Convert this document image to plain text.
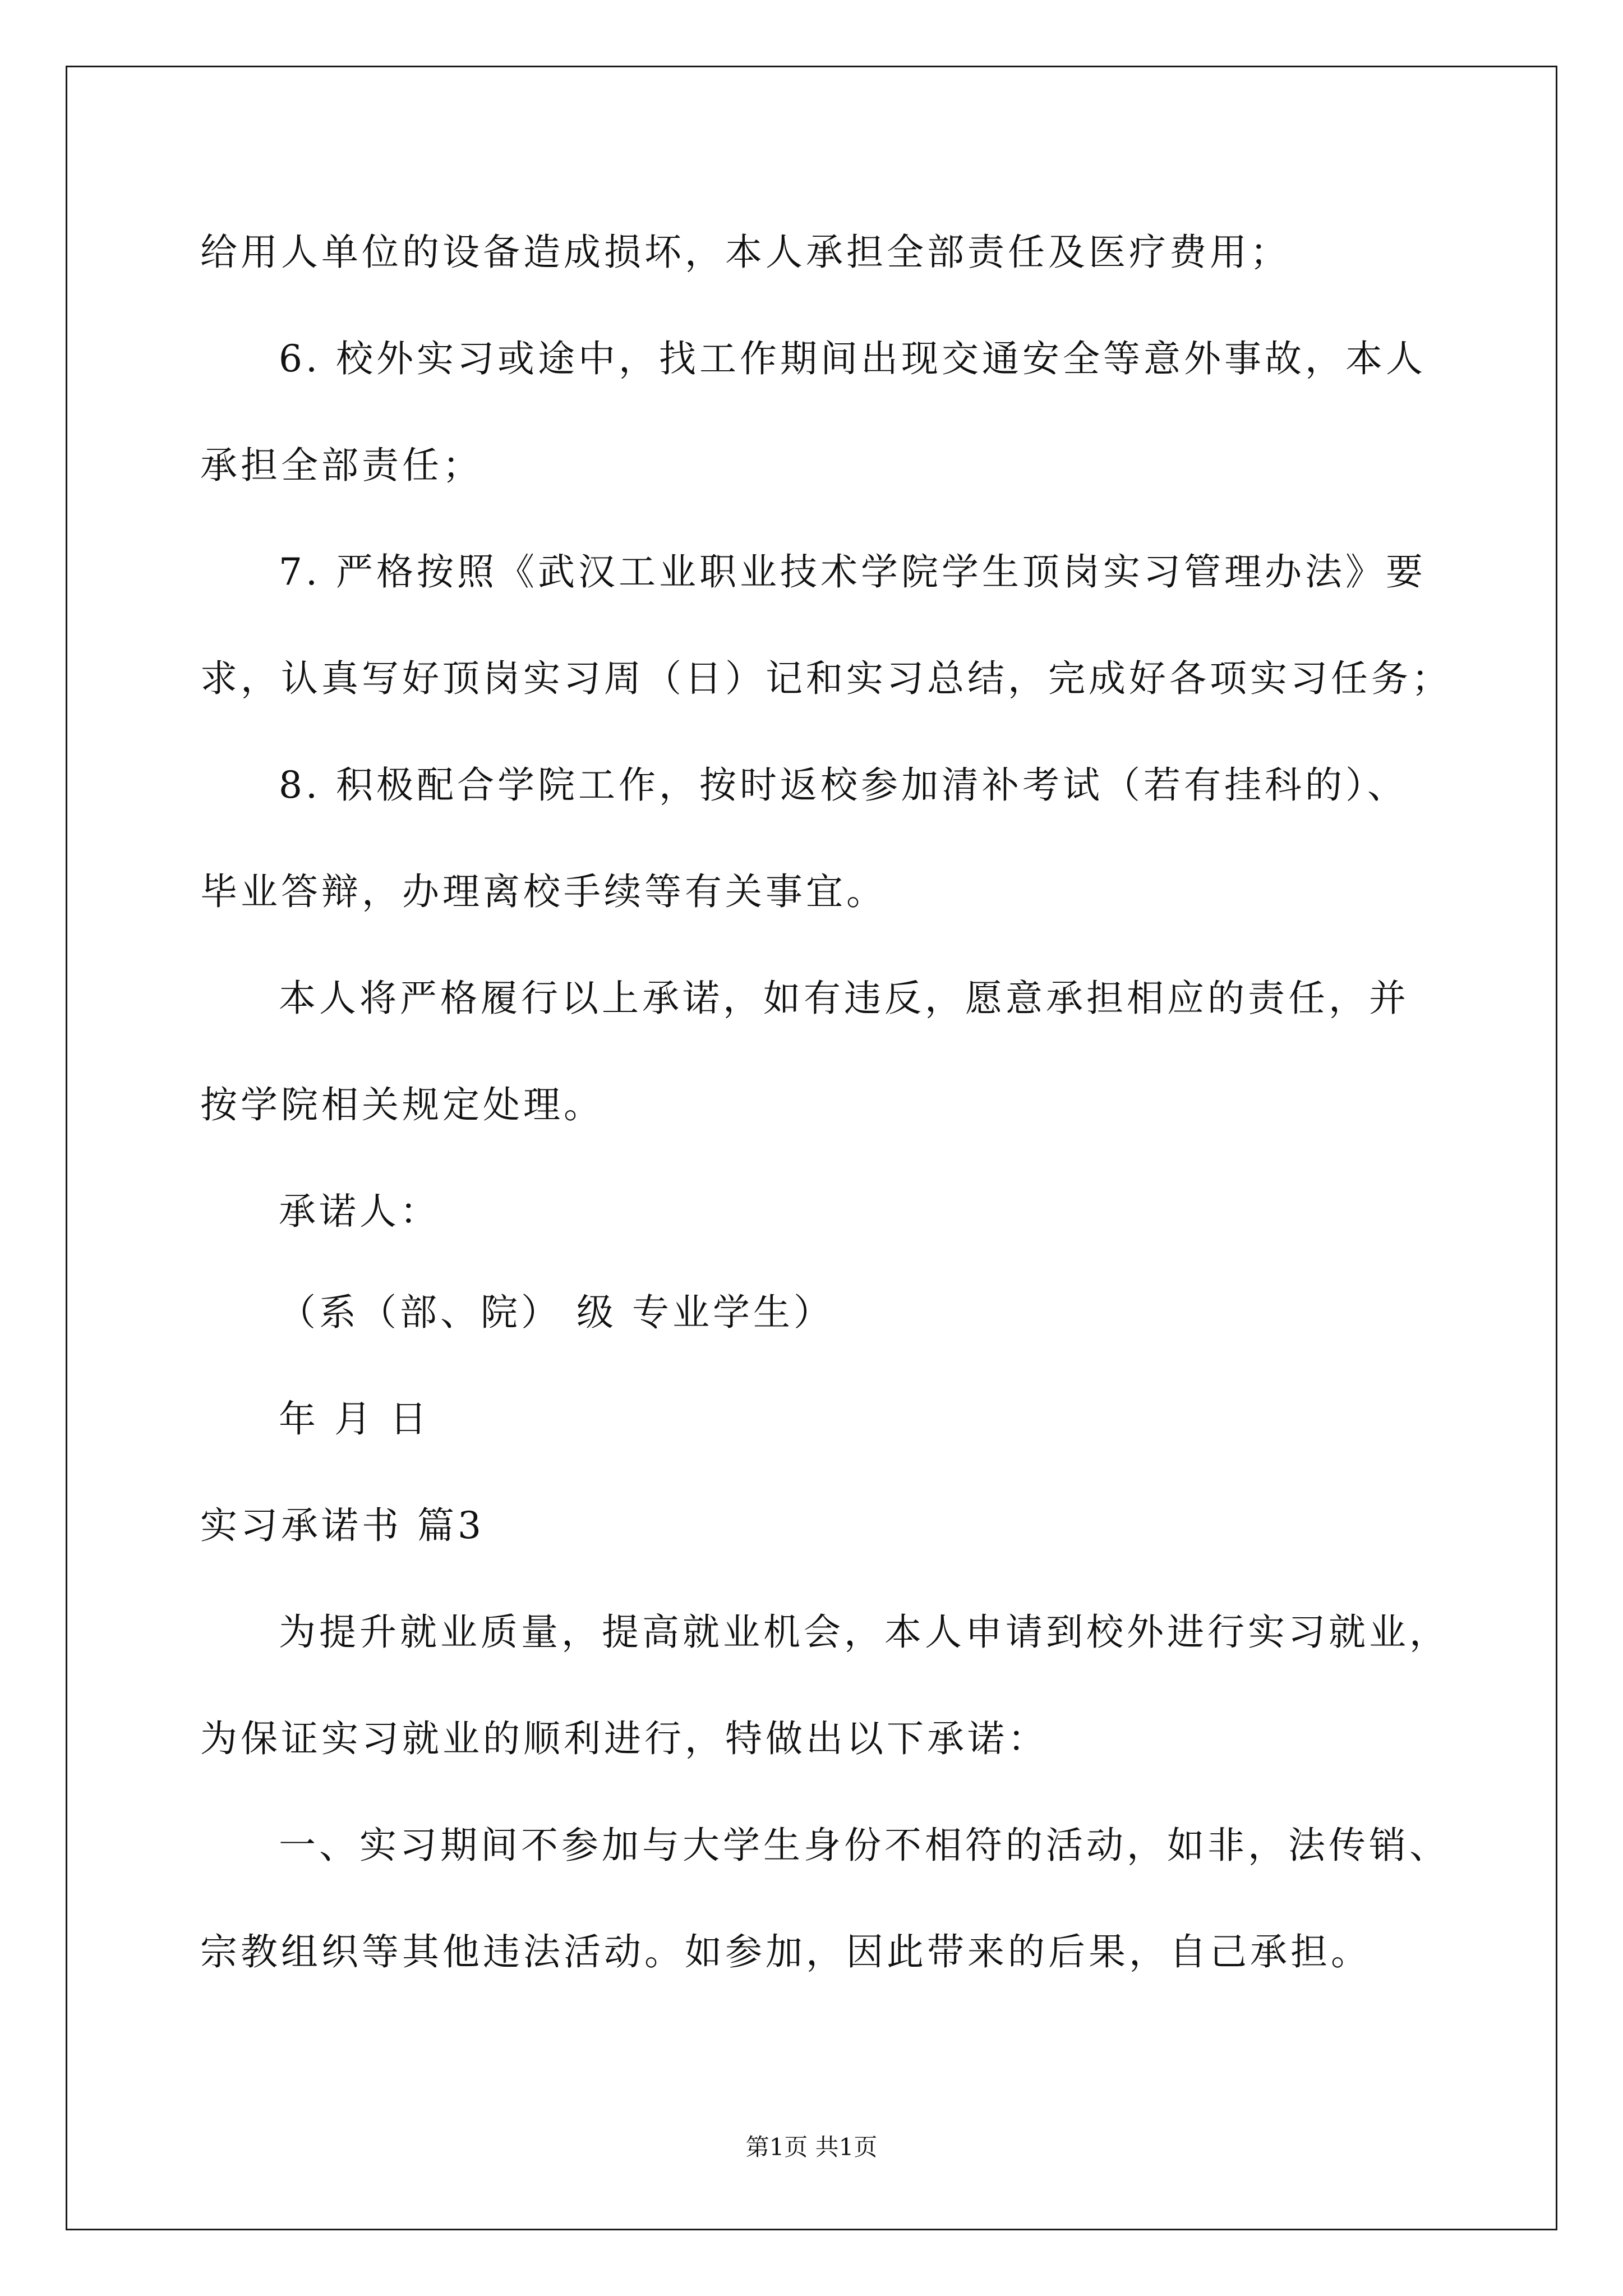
给用人单位的设备造成损坏，本人承担全部责任及医疗费用；
6. 校外实习或途中，找工作期间出现交通安全等意外事故，本人
承担全部责任；
7. 严格按照《武汉工业职业技术学院学生顶岗实习管理办法》要
求，认真写好顶岗实习周（日）记和实习总结，完成好各项实习任务；
8. 积极配合学院工作，按时返校参加清补考试（若有挂科的）、
毕业答辩，办理离校手续等有关事宜。
本人将严格履行以上承诺，如有违反，愿意承担相应的责任，并
按学院相关规定处理。
承诺人：
（系（部、院） 级 专业学生）
年 月 日
实习承诺书 篇3
为提升就业质量，提高就业机会，本人申请到校外进行实习就业，
为保证实习就业的顺利进行，特做出以下承诺：
一、实习期间不参加与大学生身份不相符的活动，如非，法传销、
宗教组织等其他违法活动。如参加，因此带来的后果，自己承担。
第1页 共1页
